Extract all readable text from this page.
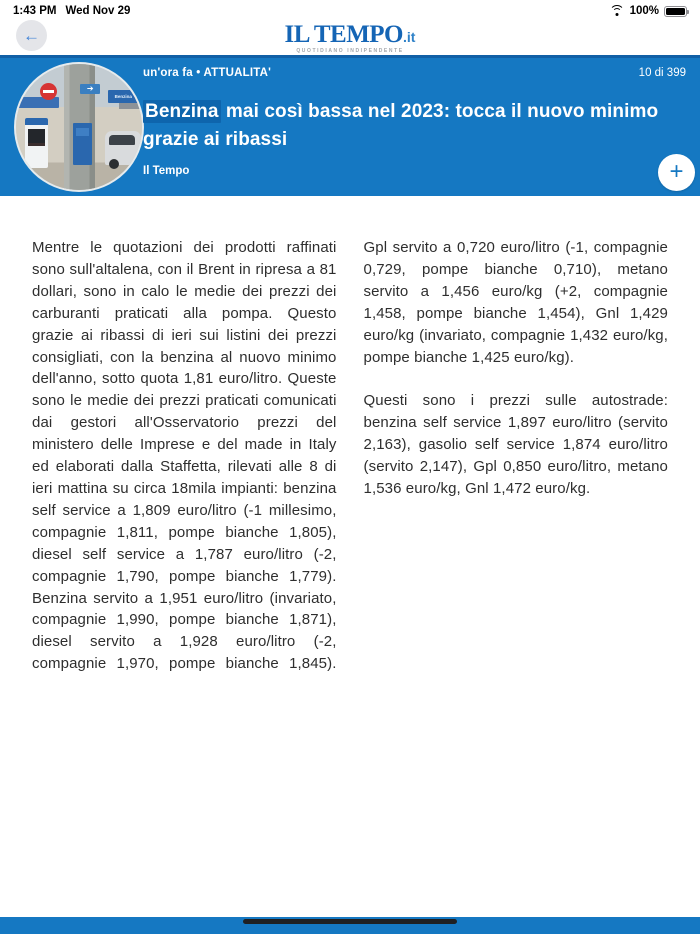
1:43 PM Wed Nov 29	100%
←	IL TEMPO.it
QUOTIDIANO INDIPENDENTE
➔
Benzina
un'ora fa • ATTUALITA'	10 di 399
Benzina mai così bassa nel 2023: tocca il nuovo minimo grazie ai ribassi
Il Tempo	+

Mentre le quotazioni dei prodotti raffinati sono sull'altalena, con il Brent in ripresa a 81 dollari, sono in calo le medie dei prezzi dei carburanti praticati alla pompa. Questo grazie ai ribassi di ieri sui listini dei prezzi consigliati, con la benzina al nuovo minimo dell'anno, sotto quota 1,81 euro/litro. Queste sono le medie dei prezzi praticati comunicati dai gestori all'Osservatorio prezzi del ministero delle Imprese e del made in Italy ed elaborati dalla Staffetta, rilevati alle 8 di ieri mattina su circa 18mila impianti: benzina self service a 1,809 euro/litro (-1 millesimo, compagnie 1,811, pompe bianche 1,805), diesel self service a 1,787 euro/litro (-2, compagnie 1,790, pompe bianche 1,779). Benzina servito a 1,951 euro/litro (invariato, compagnie 1,990, pompe bianche 1,871), diesel servito a 1,928 euro/litro (-2, compagnie 1,970, pompe bianche 1,845). Gpl servito a 0,720 euro/litro (-1, compagnie 0,729, pompe bianche 0,710), metano servito a 1,456 euro/kg (+2, compagnie 1,458, pompe bianche 1,454), Gnl 1,429 euro/kg (invariato, compagnie 1,432 euro/kg, pompe bianche 1,425 euro/kg).

Questi sono i prezzi sulle autostrade: benzina self service 1,897 euro/litro (servito 2,163), gasolio self service 1,874 euro/litro (servito 2,147), Gpl 0,850 euro/litro, metano 1,536 euro/kg, Gnl 1,472 euro/kg.
